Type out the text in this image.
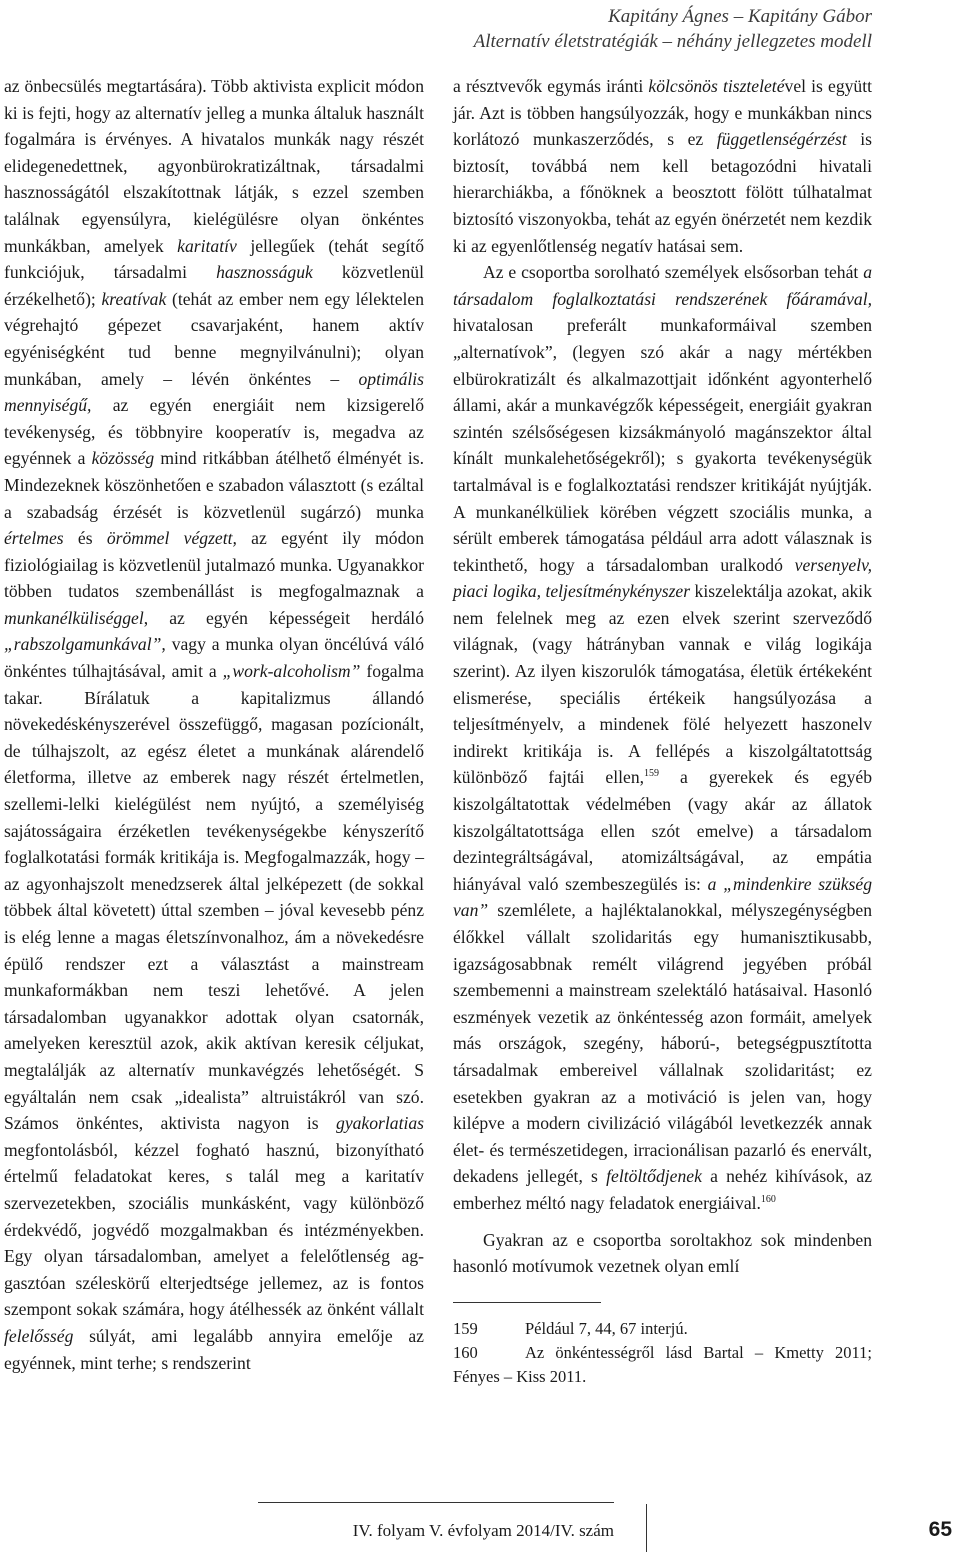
Kapitány Ágnes – Kapitány Gábor
Alternatív életstratégiák – néhány jellegzetes modell

az önbecsülés megtartására). Több aktivista explicit módon ki is fejti, hogy az alternatív jelleg a munka általuk használt fogalmára is érvényes. A hivatalos munkák nagy részét elidegenedettnek, agyonbürokratizáltnak, társadalmi hasznosságától elszakítottnak látják, s ezzel szemben találnak egyensúlyra, kielégülésre olyan önkéntes munkákban, amelyek karitatív jellegűek (tehát segítő funkciójuk, társadalmi hasznosságuk közvetlenül érzékelhető); kreatívak (tehát az ember nem egy lélektelen végrehajtó gépezet csavarjaként, hanem aktív egyéniségként tud benne megnyilvánulni); olyan munkában, amely – lévén önkéntes – optimális mennyiségű, az egyén energiáit nem kizsigerelő tevékenység, és többnyire kooperatív is, megadva az egyénnek a közösség mind ritkábban átélhető élményét is. Mindezeknek köszönhetően e szabadon választott (s ezáltal a szabadság érzését is közvetlenül sugárzó) munka értelmes és örömmel végzett, az egyént ily módon fiziológiailag is közvetlenül jutalmazó munka. Ugyanakkor többen tudatos szembenállást is megfogalmaznak a munkanélküliséggel, az egyén képességeit herdáló „rabszolgamunkával”, vagy a munka olyan öncélúvá váló önkéntes túlhajtásával, amit a „work-alcoholism” fogalma takar. Bírálatuk a kapitalizmus állandó növekedéskényszerével összefüggő, magasan pozícionált, de túlhajszolt, az egész életet a munkának alárendelő életforma, illetve az emberek nagy részét értelmetlen, szellemi-lelki kielégülést nem nyújtó, a személyiség sajátosságaira érzéketlen tevékenységekbe kényszerítő foglalkotatási formák kritikája is. Megfogalmazzák, hogy – az agyonhajszolt menedzserek által jelképezett (de sokkal többek által követett) úttal szemben – jóval kevesebb pénz is elég lenne a magas életszínvonalhoz, ám a növekedésre épülő rendszer ezt a választást a mainstream munkaformákban nem teszi lehetővé. A jelen társadalomban ugyanakkor adottak olyan csatornák, amelyeken keresztül azok, akik aktívan keresik céljukat, megtalálják az alternatív munkavégzés lehetőségét. S egyáltalán nem csak „idealista” altruistákról van szó. Számos önkéntes, aktivista nagyon is gyakorlatias megfontolásból, kézzel fogható hasznú, bizonyítható értelmű feladatokat keres, s talál meg a karitatív szervezetekben, szociális munkásként, vagy különböző érdekvédő, jogvédő mozgalmakban és intézményekben. Egy olyan társadalomban, amelyet a felelőtlenség aggasztóan széleskörű elterjedtsége jellemez, az is fontos szempont sokak számára, hogy átélhessék az önként vállalt felelősség súlyát, ami legalább annyira emelője az egyénnek, mint terhe; s rendszerint

a résztvevők egymás iránti kölcsönös tiszteletével is együtt jár. Azt is többen hangsúlyozzák, hogy e munkákban nincs korlátozó munkaszerződés, s ez függetlenségérzést is biztosít, továbbá nem kell betagozódni hivatali hierarchiákba, a főnöknek a beosztott fölött túlhatalmat biztosító viszonyokba, tehát az egyén önérzetét nem kezdik ki az egyenlőtlenség negatív hatásai sem.

Az e csoportba sorolható személyek elsősorban tehát a társadalom foglalkoztatási rendszerének főáramával, hivatalosan preferált munkaformáival szemben „alternatívok”, (legyen szó akár a nagy mértékben elbürokratizált és alkalmazottjait időnként agyonterhelő állami, akár a munkavégzők képességeit, energiáit gyakran szintén szélsőségesen kizsákmányoló magánszektor által kínált munkalehetőségekről); s gyakorta tevékenységük tartalmával is e foglalkoztatási rendszer kritikáját nyújtják. A munkanélküliek körében végzett szociális munka, a sérült emberek támogatása például arra adott válasznak is tekinthető, hogy a társadalomban uralkodó versenyelv, piaci logika, teljesítménykényszer kiszelektálja azokat, akik nem felelnek meg az ezen elvek szerint szerveződő világnak, (vagy hátrányban vannak e világ logikája szerint). Az ilyen kiszorulók támogatása, életük értékeként elismerése, speciális értékeik hangsúlyozása a teljesítményelv, a mindenek fölé helyezett haszonelv indirekt kritikája is. A fellépés a kiszolgáltatottság különböző fajtái ellen,$^{159}$ a gyerekek és egyéb kiszolgáltatottak védelmében (vagy akár az állatok kiszolgáltatottsága ellen szót emelve) a társadalom dezintegráltságával, atomizáltságával, az empátia hiányával való szembeszegülés is: a „mindenkire szükség van” szemlélete, a hajléktalanokkal, mélyszegénységben élőkkel vállalt szolidaritás egy humanisztikusabb, igazságosabbnak remélt világrend jegyében próbál szembemenni a mainstream szelektáló hatásaival. Hasonló eszmények vezetik az önkéntesség azon formáit, amelyek más országok, szegény, háború-, betegségpusztította társadalmak embereivel vállalnak szolidaritást; ez esetekben gyakran az a motiváció is jelen van, hogy kilépve a modern civilizáció világából levetkezzék annak élet- és természetidegen, irracionálisan pazarló és enervált, dekadens jellegét, s feltöltődjenek a nehéz kihívások, az emberhez méltó nagy feladatok energiáival.$^{160}$

Gyakran az e csoportba soroltakhoz sok mindenben hasonló motívumok vezetnek olyan emlí

159	Például 7, 44, 67 interjú.
160	Az önkéntességről lásd Bartal – Kmetty 2011; Fényes – Kiss 2011.
IV. folyam V. évfolyam 2014/IV. szám	65
